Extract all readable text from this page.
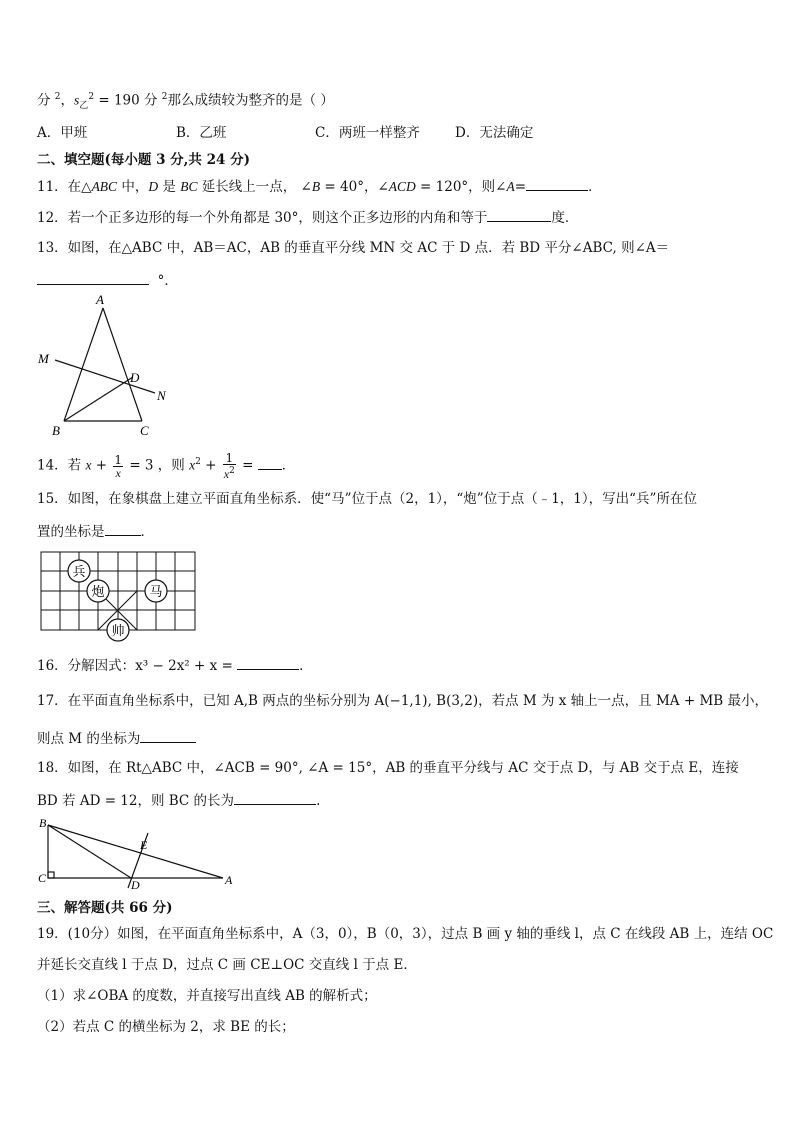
分 $^2$，$s_乙^2 = 190$ 分 $^2$那么成绩较为整齐的是（ ）
A．甲班	B．乙班	C．两班一样整齐	D．无法确定
二、填空题(每小题 3 分,共 24 分)
11．在△ABC 中，D 是 BC 延长线上一点， ∠B = 40°，∠ACD = 120°，则∠A=	．
12．若一个正多边形的每一个外角都是 30°，则这个正多边形的内角和等于	度．
13．如图，在△ABC 中，AB＝AC，AB 的垂直平分线 MN 交 AC 于 D 点．若 BD 平分∠ABC, 则∠A＝
°．
A
M
D
N
B	C
14．若 $x + \frac{1}{x} = 3$ ，则 $x^2 + \frac{1}{x^2}$ = ．
15．如图，在象棋盘上建立平面直角坐标系．使“马”位于点（2，1），“炮”位于点（﹣1，1），写出“兵”所在位
置的坐标是	．
兵
炮	马
帅
16．分解因式：x³ − 2x² + x =	．
17．在平面直角坐标系中，已知 A,B 两点的坐标分别为 A(−1,1), B(3,2)，若点 M 为 x 轴上一点，且 MA + MB 最小，
则点 M 的坐标为
18．如图，在 Rt△ABC 中，∠ACB = 90°, ∠A = 15°，AB 的垂直平分线与 AC 交于点 D，与 AB 交于点 E，连接
BD 若 AD = 12，则 BC 的长为	.
B
E
C	D	A
三、解答题(共 66 分)
19．(10分）如图，在平面直角坐标系中，A（3，0），B（0，3），过点 B 画 y 轴的垂线 l，点 C 在线段 AB 上，连结 OC
并延长交直线 l 于点 D，过点 C 画 CE⊥OC 交直线 l 于点 E．
（1）求∠OBA 的度数，并直接写出直线 AB 的解析式；
（2）若点 C 的横坐标为 2，求 BE 的长；
